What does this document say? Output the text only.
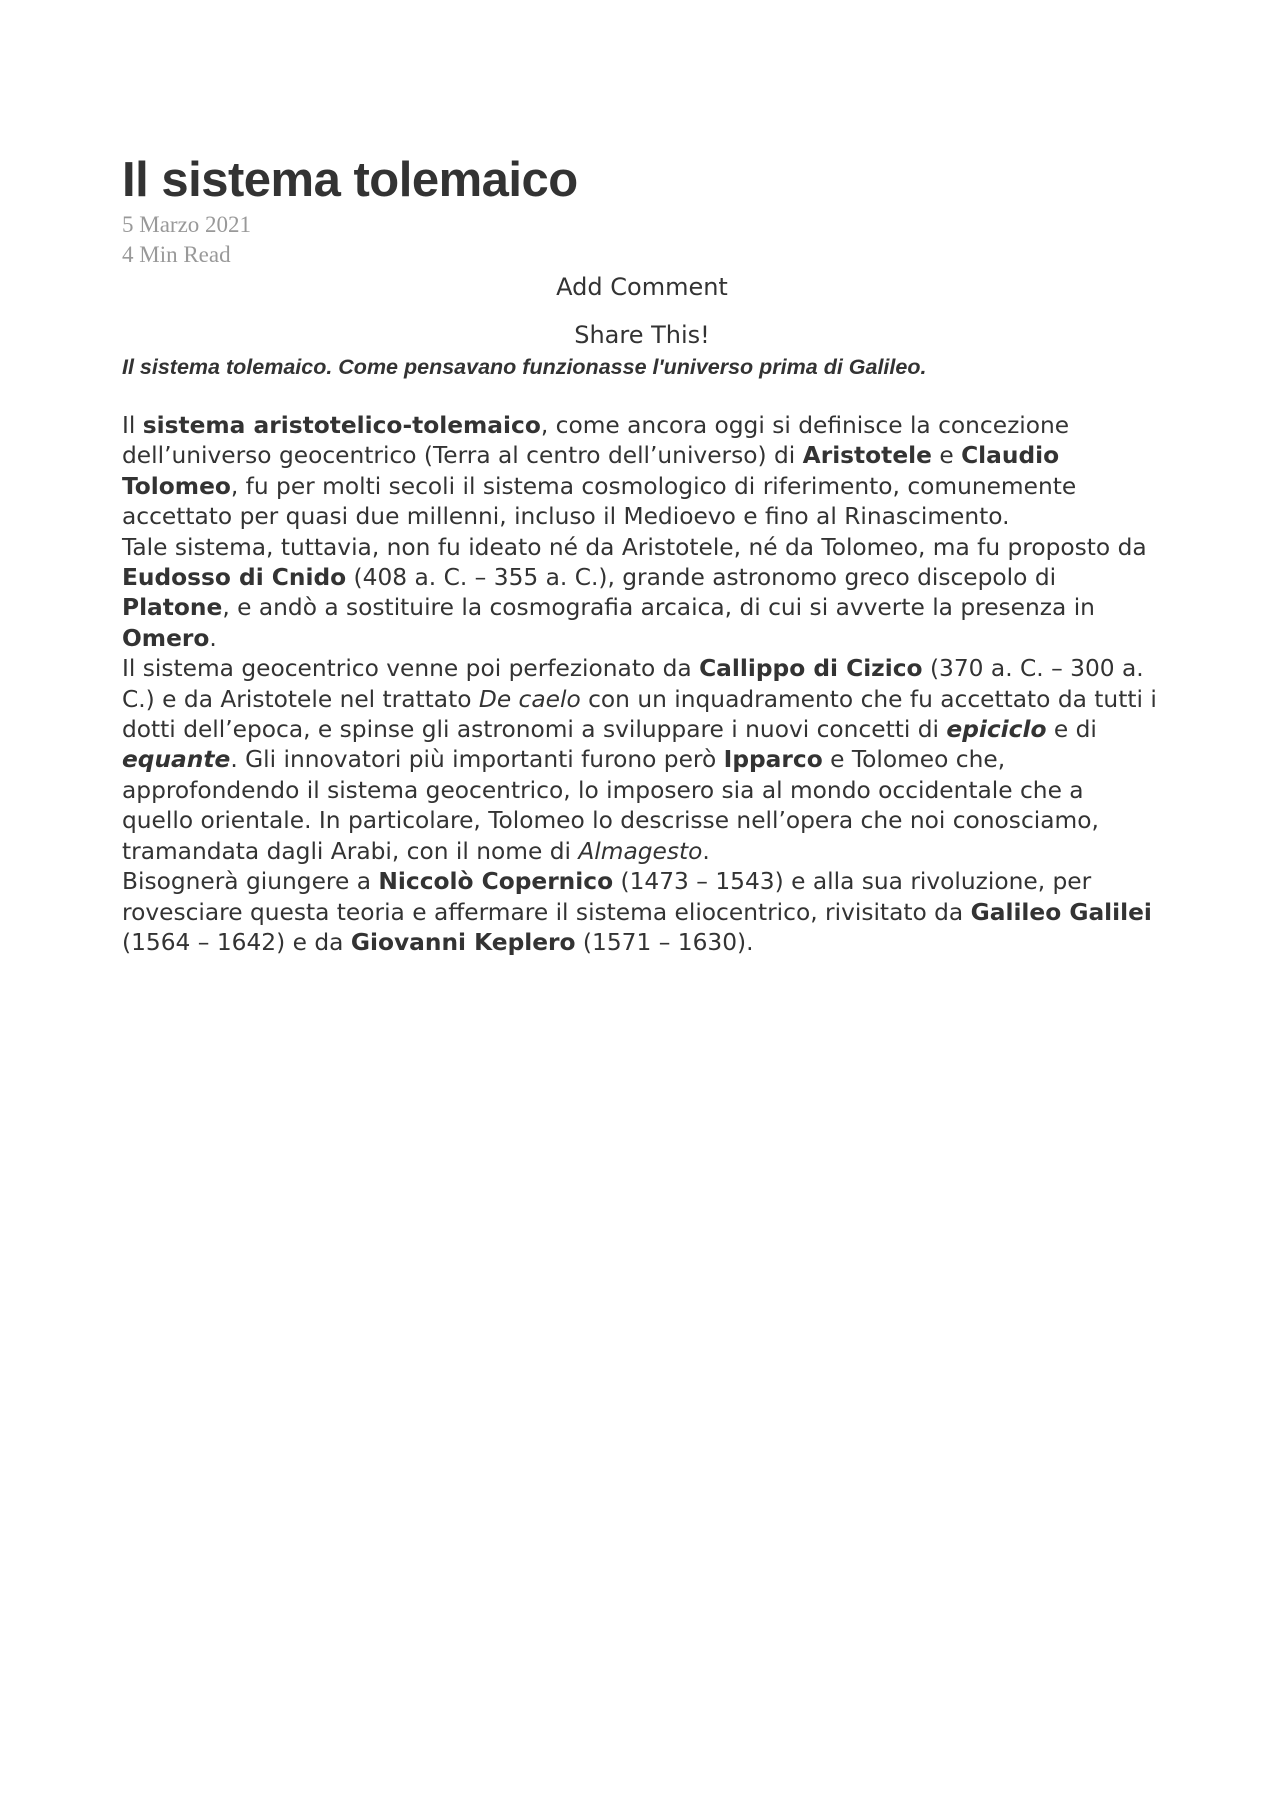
Il sistema tolemaico
5 Marzo 2021
4 Min Read
Add Comment
Share This!
Il sistema tolemaico. Come pensavano funzionasse l'universo prima di Galileo.

Il sistema aristotelico-tolemaico, come ancora oggi si definisce la concezione dell’universo geocentrico (Terra al centro dell’universo) di Aristotele e Claudio Tolomeo, fu per molti secoli il sistema cosmologico di riferimento, comunemente accettato per quasi due millenni, incluso il Medioevo e fino al Rinascimento.

Tale sistema, tuttavia, non fu ideato né da Aristotele, né da Tolomeo, ma fu proposto da Eudosso di Cnido (408 a. C. – 355 a. C.), grande astronomo greco discepolo di Platone, e andò a sostituire la cosmografia arcaica, di cui si avverte la presenza in Omero.

Il sistema geocentrico venne poi perfezionato da Callippo di Cizico (370 a. C. – 300 a. C.) e da Aristotele nel trattato De caelo con un inquadramento che fu accettato da tutti i dotti dell’epoca, e spinse gli astronomi a sviluppare i nuovi concetti di epiciclo e di equante. Gli innovatori più importanti furono però Ipparco e Tolomeo che, approfondendo il sistema geocentrico, lo imposero sia al mondo occidentale che a quello orientale. In particolare, Tolomeo lo descrisse nell’opera che noi conosciamo, tramandata dagli Arabi, con il nome di Almagesto.

Bisognerà giungere a Niccolò Copernico (1473 – 1543) e alla sua rivoluzione, per rovesciare questa teoria e affermare il sistema eliocentrico, rivisitato da Galileo Galilei (1564 – 1642) e da Giovanni Keplero (1571 – 1630).
